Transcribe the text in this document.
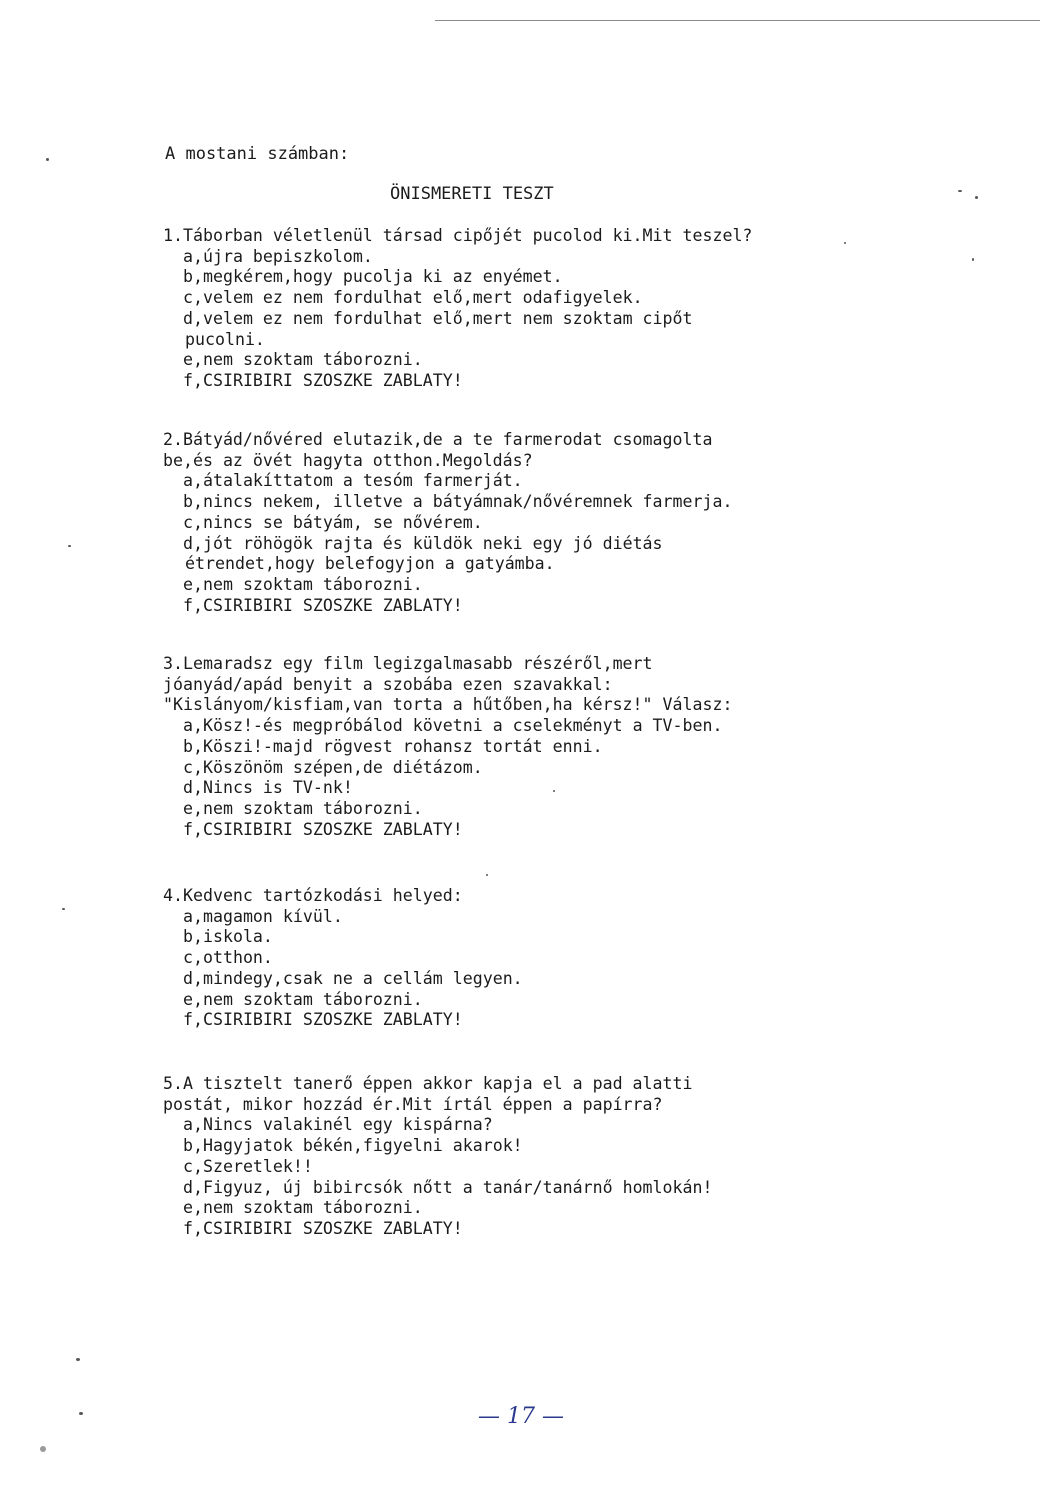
A mostani számban:
ÖNISMERETI TESZT
1.Táborban véletlenül társad cipőjét pucolod ki.Mit teszel?
a,újra bepiszkolom.
b,megkérem,hogy pucolja ki az enyémet.
c,velem ez nem fordulhat elő,mert odafigyelek.
d,velem ez nem fordulhat elő,mert nem szoktam cipőt
pucolni.
e,nem szoktam táborozni.
f,CSIRIBIRI SZOSZKE ZABLATY!
2.Bátyád/nővéred elutazik,de a te farmerodat csomagolta
be,és az övét hagyta otthon.Megoldás?
a,átalakíttatom a tesóm farmerját.
b,nincs nekem, illetve a bátyámnak/nővéremnek farmerja.
c,nincs se bátyám, se nővérem.
d,jót röhögök rajta és küldök neki egy jó diétás
étrendet,hogy belefogyjon a gatyámba.
e,nem szoktam táborozni.
f,CSIRIBIRI SZOSZKE ZABLATY!
3.Lemaradsz egy film legizgalmasabb részéről,mert
jóanyád/apád benyit a szobába ezen szavakkal:
"Kislányom/kisfiam,van torta a hűtőben,ha kérsz!" Válasz:
a,Kösz!-és megpróbálod követni a cselekményt a TV-ben.
b,Köszi!-majd rögvest rohansz tortát enni.
c,Köszönöm szépen,de diétázom.
d,Nincs is TV-nk!
e,nem szoktam táborozni.
f,CSIRIBIRI SZOSZKE ZABLATY!
4.Kedvenc tartózkodási helyed:
a,magamon kívül.
b,iskola.
c,otthon.
d,mindegy,csak ne a cellám legyen.
e,nem szoktam táborozni.
f,CSIRIBIRI SZOSZKE ZABLATY!
5.A tisztelt tanerő éppen akkor kapja el a pad alatti
postát, mikor hozzád ér.Mit írtál éppen a papírra?
a,Nincs valakinél egy kispárna?
b,Hagyjatok békén,figyelni akarok!
c,Szeretlek!!
d,Figyuz, új bibircsók nőtt a tanár/tanárnő homlokán!
e,nem szoktam táborozni.
f,CSIRIBIRI SZOSZKE ZABLATY!
— 17 —
